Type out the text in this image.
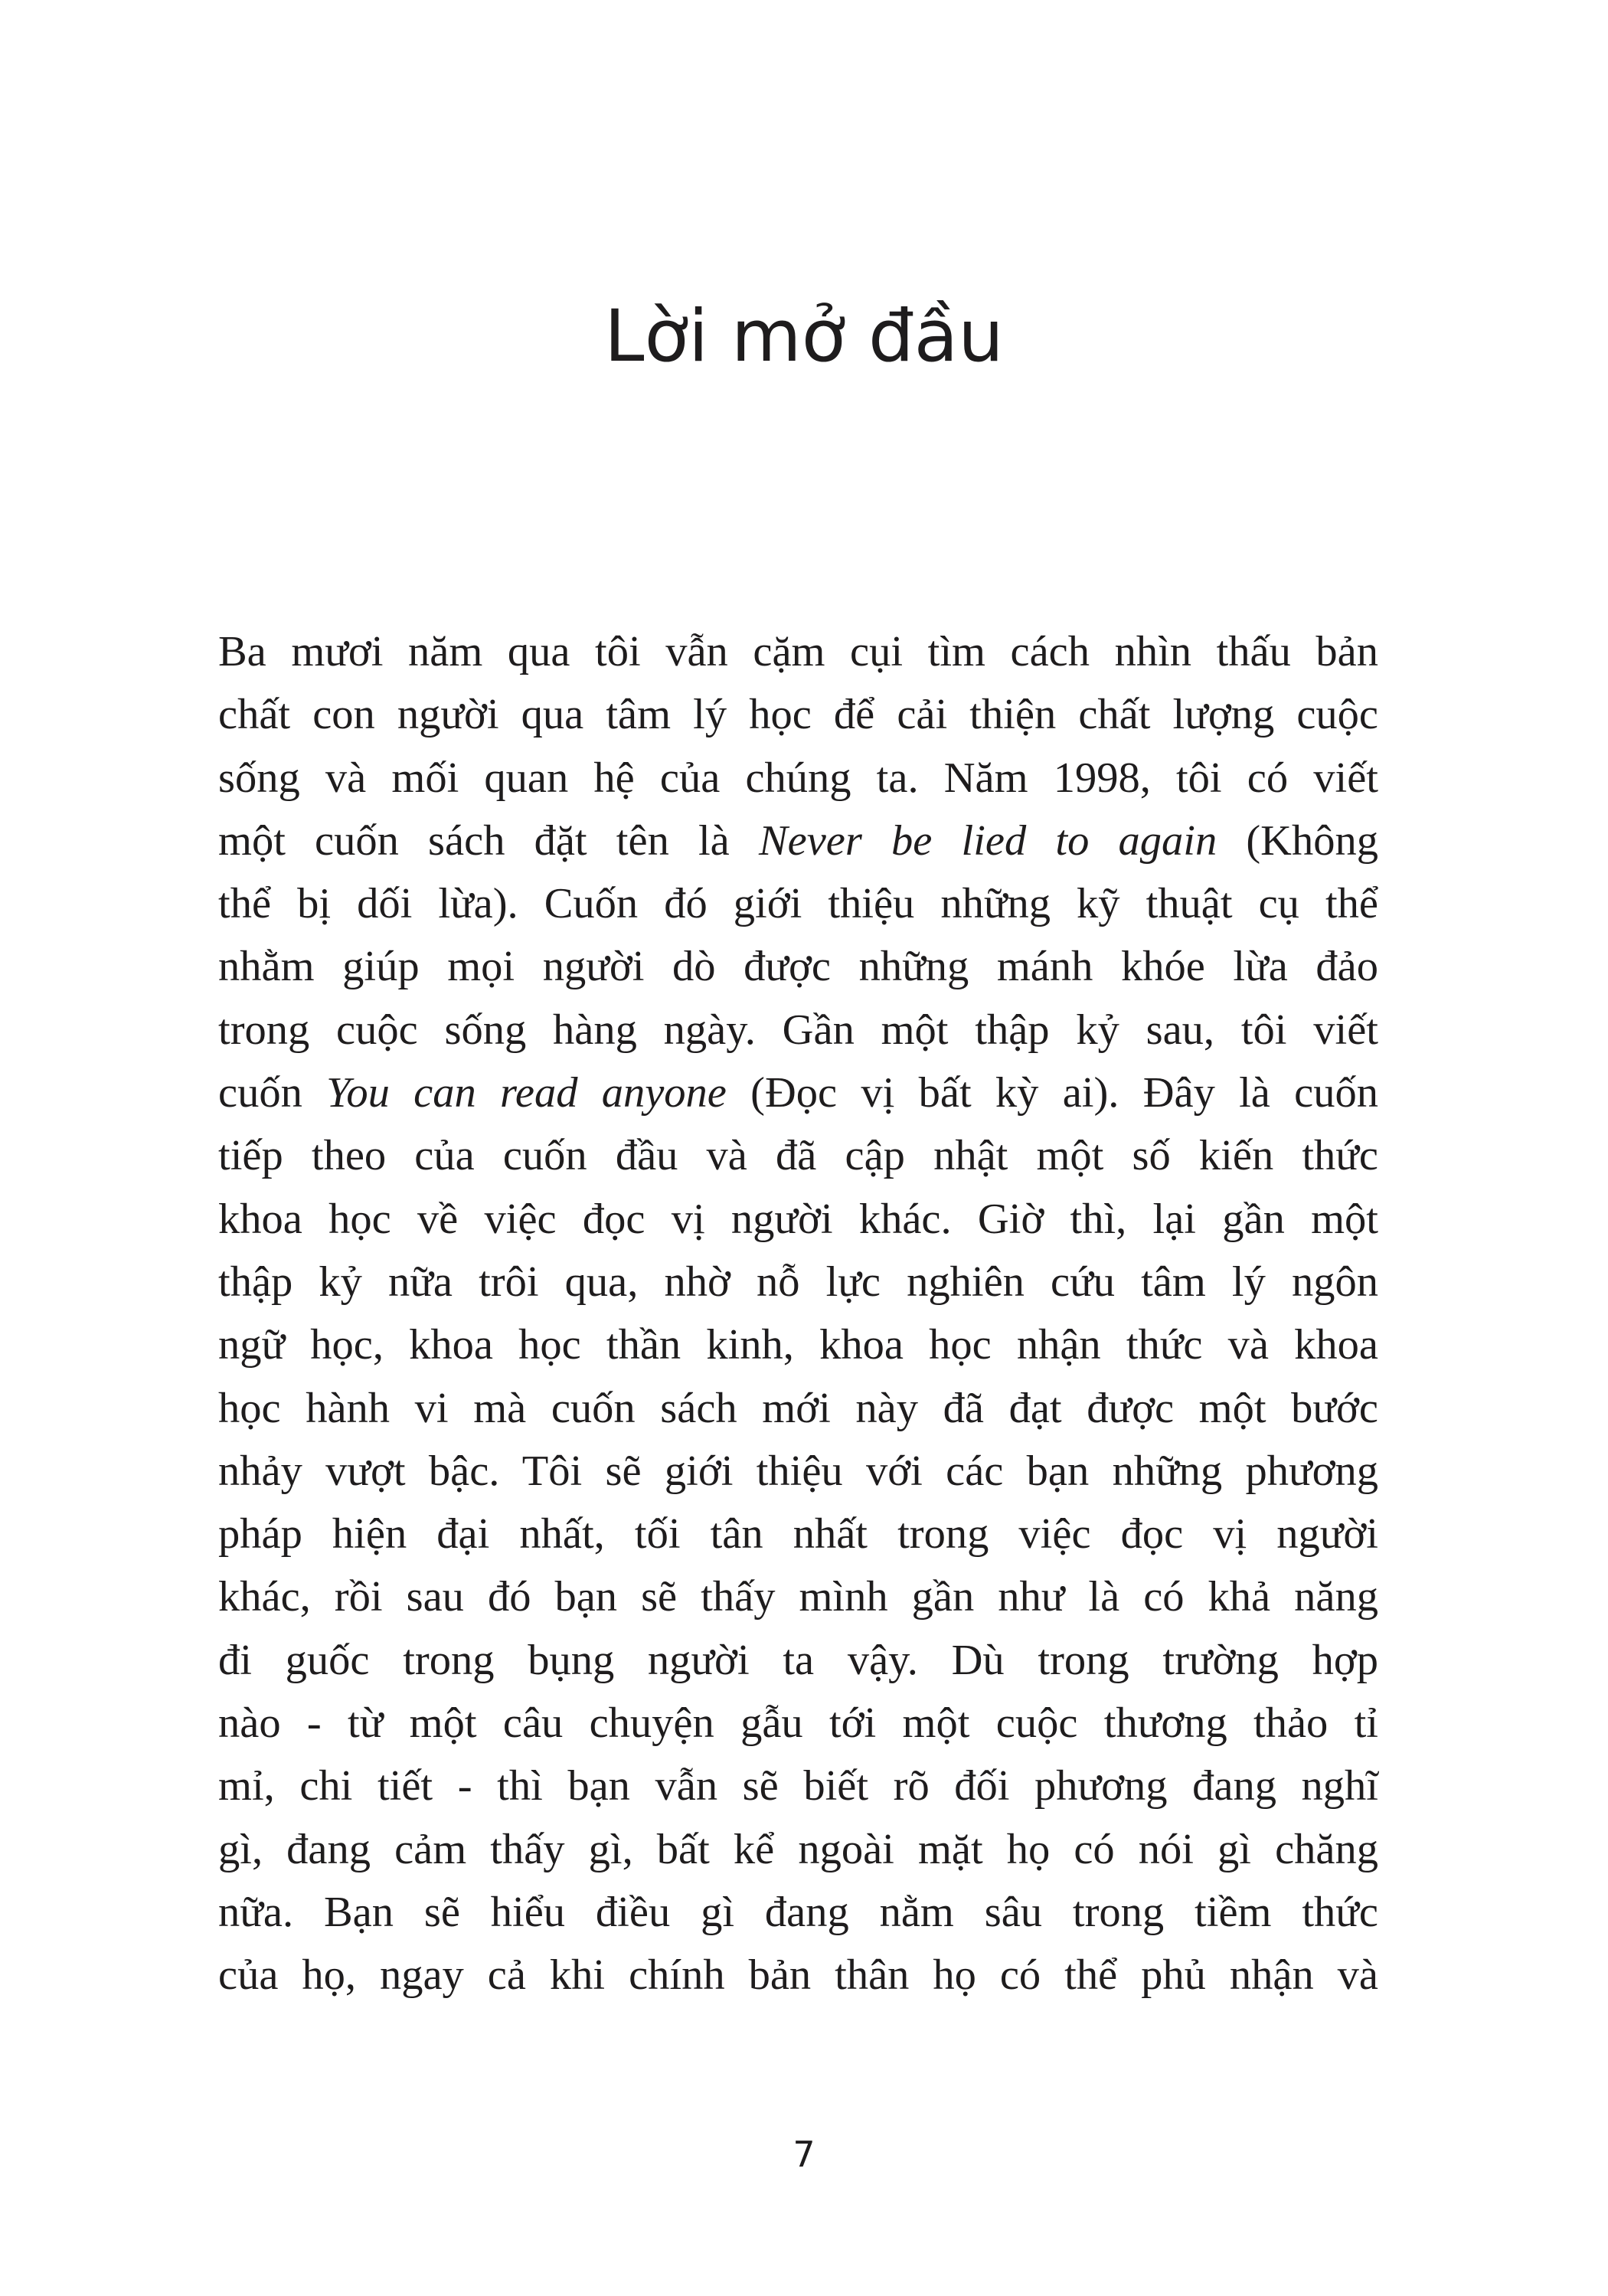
Lời mở đầu
Ba mươi năm qua tôi vẫn cặm cụi tìm cách nhìn thấu bản
chất con người qua tâm lý học để cải thiện chất lượng cuộc
sống và mối quan hệ của chúng ta. Năm 1998, tôi có viết
một cuốn sách đặt tên là Never be lied to again (Không
thể bị dối lừa). Cuốn đó giới thiệu những kỹ thuật cụ thể
nhằm giúp mọi người dò được những mánh khóe lừa đảo
trong cuộc sống hàng ngày. Gần một thập kỷ sau, tôi viết
cuốn You can read anyone (Đọc vị bất kỳ ai). Đây là cuốn
tiếp theo của cuốn đầu và đã cập nhật một số kiến thức
khoa học về việc đọc vị người khác. Giờ thì, lại gần một
thập kỷ nữa trôi qua, nhờ nỗ lực nghiên cứu tâm lý ngôn
ngữ học, khoa học thần kinh, khoa học nhận thức và khoa
học hành vi mà cuốn sách mới này đã đạt được một bước
nhảy vượt bậc. Tôi sẽ giới thiệu với các bạn những phương
pháp hiện đại nhất, tối tân nhất trong việc đọc vị người
khác, rồi sau đó bạn sẽ thấy mình gần như là có khả năng
đi guốc trong bụng người ta vậy. Dù trong trường hợp
nào - từ một câu chuyện gẫu tới một cuộc thương thảo tỉ
mỉ, chi tiết - thì bạn vẫn sẽ biết rõ đối phương đang nghĩ
gì, đang cảm thấy gì, bất kể ngoài mặt họ có nói gì chăng
nữa. Bạn sẽ hiểu điều gì đang nằm sâu trong tiềm thức
của họ, ngay cả khi chính bản thân họ có thể phủ nhận và
7
